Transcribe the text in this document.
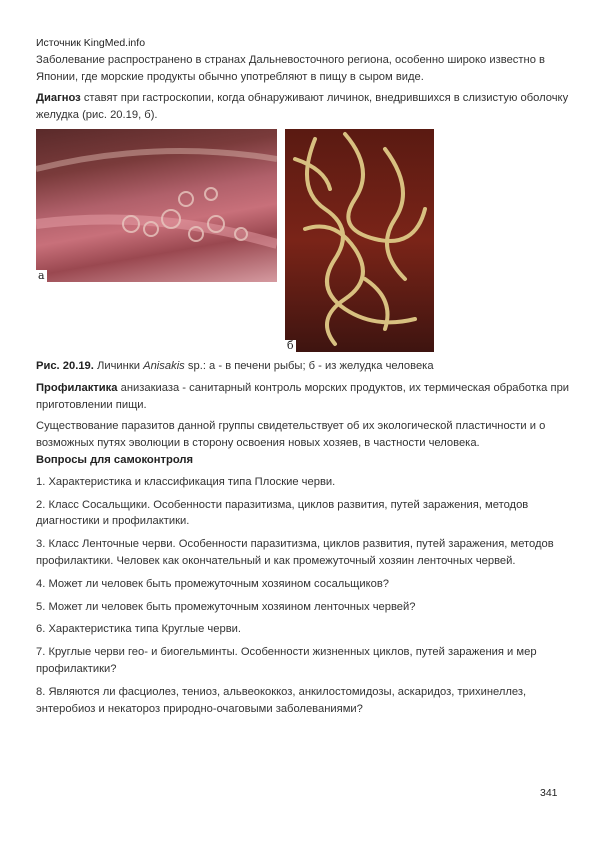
Источник KingMed.info
Заболевание распространено в странах Дальневосточного региона, особенно широко известно в Японии, где морские продукты обычно употребляют в пищу в сыром виде.
Диагноз ставят при гастроскопии, когда обнаруживают личинок, внедрившихся в слизистую оболочку желудка (рис. 20.19, б).
а
б
Рис. 20.19. Личинки Anisakis sp.: а - в печени рыбы; б - из желудка человека
Профилактика анизакиаза - санитарный контроль морских продуктов, их термическая обработка при приготовлении пищи.
Существование паразитов данной группы свидетельствует об их экологической пластичности и о возможных путях эволюции в сторону освоения новых хозяев, в частности человека.
Вопросы для самоконтроля
1. Характеристика и классификация типа Плоские черви.
2. Класс Сосальщики. Особенности паразитизма, циклов развития, путей заражения, методов диагностики и профилактики.
3. Класс Ленточные черви. Особенности паразитизма, циклов развития, путей заражения, методов профилактики. Человек как окончательный и как промежуточный хозяин ленточных червей.
4. Может ли человек быть промежуточным хозяином сосальщиков?
5. Может ли человек быть промежуточным хозяином ленточных червей?
6. Характеристика типа Круглые черви.
7. Круглые черви гео- и биогельминты. Особенности жизненных циклов, путей заражения и мер профилактики?
8. Являются ли фасциолез, тениоз, альвеококкоз, анкилостомидозы, аскаридоз, трихинеллез, энтеробиоз и некатороз природно-очаговыми заболеваниями?
341
